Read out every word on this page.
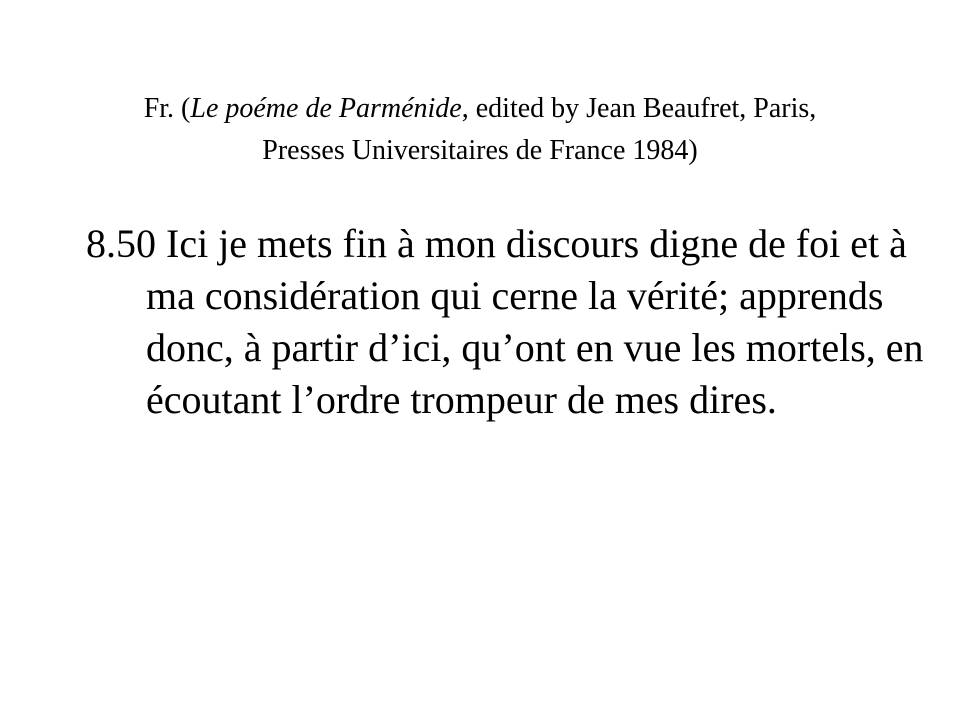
Fr. (Le poéme de Parménide, edited by Jean Beaufret, Paris,
Presses Universitaires de France 1984)
8.50 Ici je mets fin à mon discours digne de foi et à ma considération qui cerne la vérité; apprends donc, à partir d’ici, qu’ont en vue les mortels, en écoutant l’ordre trompeur de mes dires.
